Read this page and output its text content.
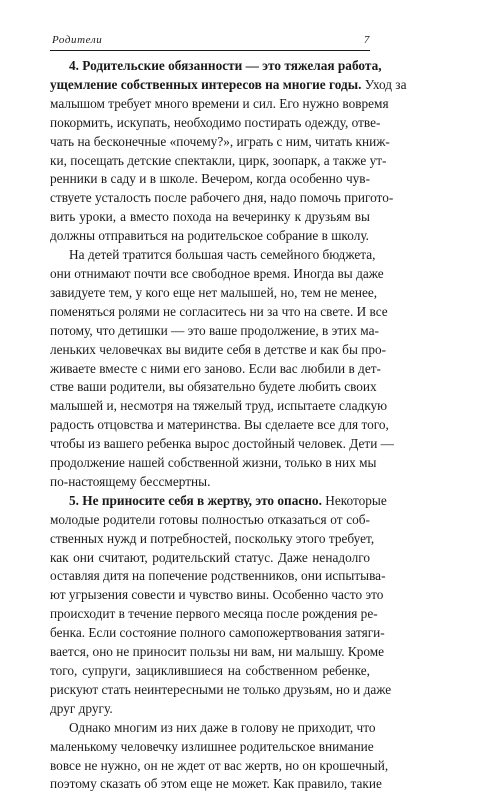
Родители	7
4. Родительские обязанности — это тяжелая работа,
ущемление собственных интересов на многие годы. Уход за
малышом требует много времени и сил. Его нужно вовремя
покормить, искупать, необходимо постирать одежду, отве-
чать на бесконечные «почему?», играть с ним, читать книж-
ки, посещать детские спектакли, цирк, зоопарк, а также ут-
ренники в саду и в школе. Вечером, когда особенно чув-
ствуете усталость после рабочего дня, надо помочь пригото-
вить уроки, а вместо похода на вечеринку к друзьям вы
должны отправиться на родительское собрание в школу.
На детей тратится большая часть семейного бюджета,
они отнимают почти все свободное время. Иногда вы даже
завидуете тем, у кого еще нет малышей, но, тем не менее,
поменяться ролями не согласитесь ни за что на свете. И все
потому, что детишки — это ваше продолжение, в этих ма-
леньких человечках вы видите себя в детстве и как бы про-
живаете вместе с ними его заново. Если вас любили в дет-
стве ваши родители, вы обязательно будете любить своих
малышей и, несмотря на тяжелый труд, испытаете сладкую
радость отцовства и материнства. Вы сделаете все для того,
чтобы из вашего ребенка вырос достойный человек. Дети —
продолжение нашей собственной жизни, только в них мы
по-настоящему бессмертны.
5. Не приносите себя в жертву, это опасно. Некоторые
молодые родители готовы полностью отказаться от соб-
ственных нужд и потребностей, поскольку этого требует,
как они считают, родительский статус. Даже ненадолго
оставляя дитя на попечение родственников, они испытыва-
ют угрызения совести и чувство вины. Особенно часто это
происходит в течение первого месяца после рождения ре-
бенка. Если состояние полного самопожертвования затяги-
вается, оно не приносит пользы ни вам, ни малышу. Кроме
того, супруги, зациклившиеся на собственном ребенке,
рискуют стать неинтересными не только друзьям, но и даже
друг другу.
Однако многим из них даже в голову не приходит, что
маленькому человечку излишнее родительское внимание
вовсе не нужно, он не ждет от вас жертв, но он крошечный,
поэтому сказать об этом еще не может. Как правило, такие
